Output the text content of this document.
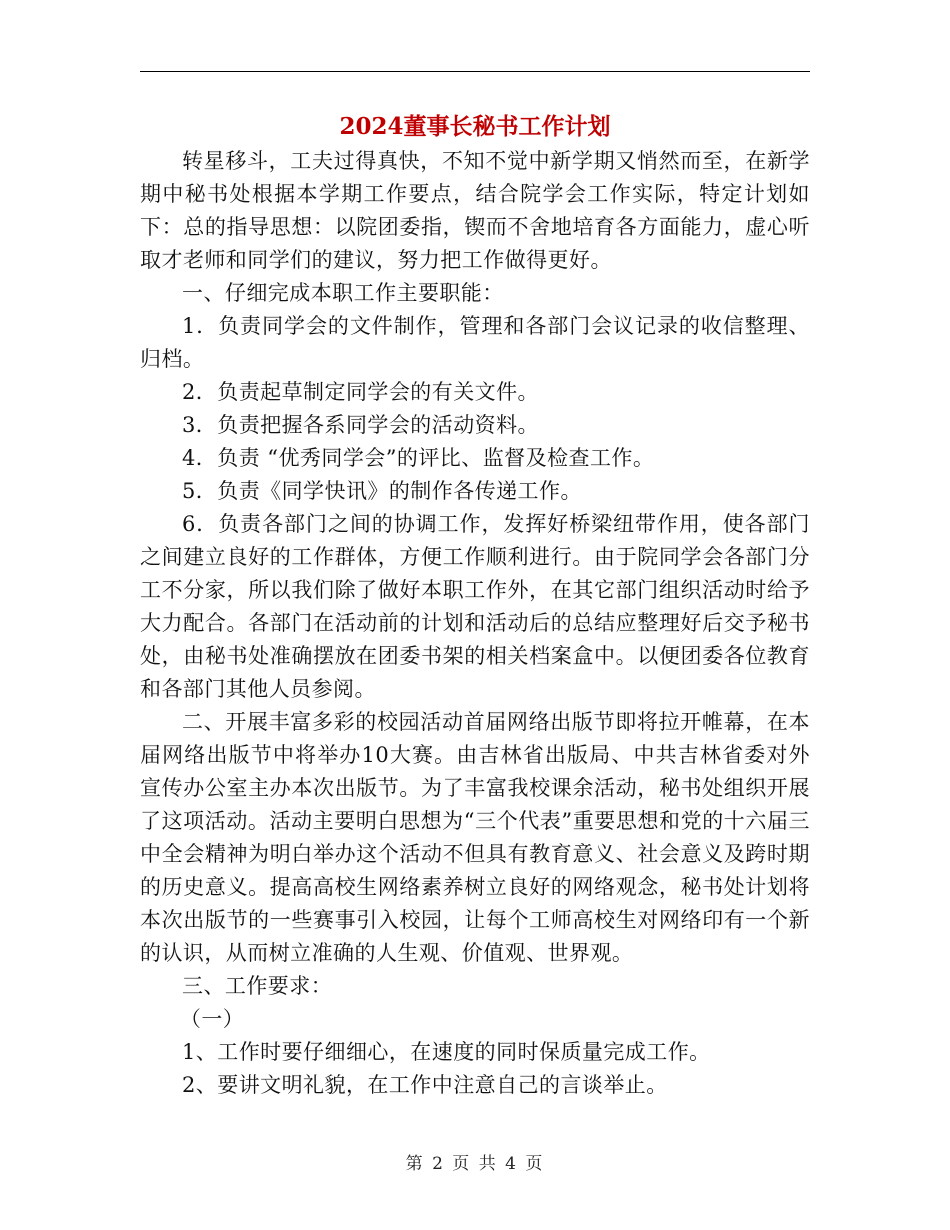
2024董事长秘书工作计划

转星移斗，工夫过得真快，不知不觉中新学期又悄然而至，在新学期中秘书处根据本学期工作要点，结合院学会工作实际，特定计划如下：总的指导思想：以院团委指，锲而不舍地培育各方面能力，虚心听取才老师和同学们的建议，努力把工作做得更好。

一、仔细完成本职工作主要职能：

1．负责同学会的文件制作，管理和各部门会议记录的收信整理、归档。

2．负责起草制定同学会的有关文件。

3．负责把握各系同学会的活动资料。

4．负责 “优秀同学会”的评比、监督及检查工作。

5．负责《同学快讯》的制作各传递工作。

6．负责各部门之间的协调工作，发挥好桥梁纽带作用，使各部门之间建立良好的工作群体，方便工作顺利进行。由于院同学会各部门分工不分家，所以我们除了做好本职工作外，在其它部门组织活动时给予大力配合。各部门在活动前的计划和活动后的总结应整理好后交予秘书处，由秘书处准确摆放在团委书架的相关档案盒中。以便团委各位教育和各部门其他人员参阅。

二、开展丰富多彩的校园活动首届网络出版节即将拉开帷幕，在本届网络出版节中将举办10大赛。由吉林省出版局、中共吉林省委对外宣传办公室主办本次出版节。为了丰富我校课余活动，秘书处组织开展了这项活动。活动主要明白思想为“三个代表”重要思想和党的十六届三中全会精神为明白举办这个活动不但具有教育意义、社会意义及跨时期的历史意义。提高高校生网络素养树立良好的网络观念，秘书处计划将本次出版节的一些赛事引入校园，让每个工师高校生对网络印有一个新的认识，从而树立准确的人生观、价值观、世界观。

三、工作要求：

（一）

1、工作时要仔细细心，在速度的同时保质量完成工作。

2、要讲文明礼貌，在工作中注意自己的言谈举止。

第 2 页 共 4 页
